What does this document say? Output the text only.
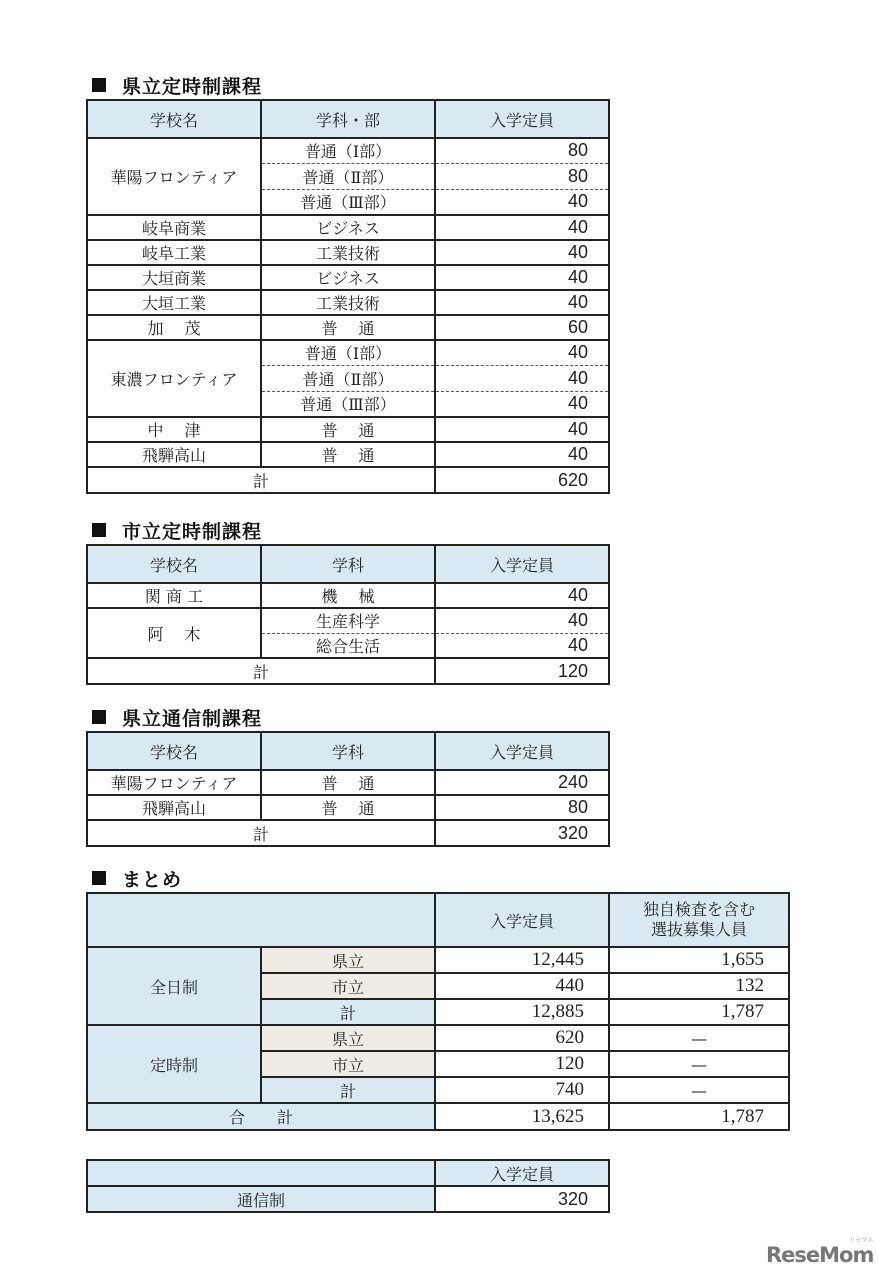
県立定時制課程
学校名	学科・部	入学定員
華陽フロンティア	普通（Ⅰ部）	80
	普通（Ⅱ部）	80
	普通（Ⅲ部）	40
岐阜商業	ビジネス	40
岐阜工業	工業技術	40
大垣商業	ビジネス	40
大垣工業	工業技術	40
加　 茂	普　 通	60
東濃フロンティア	普通（Ⅰ部）	40
	普通（Ⅱ部）	40
	普通（Ⅲ部）	40
中　 津	普　 通	40
飛騨高山	普　 通	40
計		620
市立定時制課程
学校名	学科	入学定員
関 商 工	機　 械	40
阿　 木	生産科学	40
	総合生活	40
計		120
県立通信制課程
学校名	学科	入学定員
華陽フロンティア	普　 通	240
飛騨高山	普　 通	80
計		320
まとめ
		入学定員	独自検査を含む
選抜募集人員

全日制	県立	12,445	1,655
	市立	440	132
	計	12,885	1,787
定時制	県立	620	—
	市立	120	—
	計	740	—
合　　計		13,625	1,787
	入学定員
通信制	320
ReseMom
リセマム
